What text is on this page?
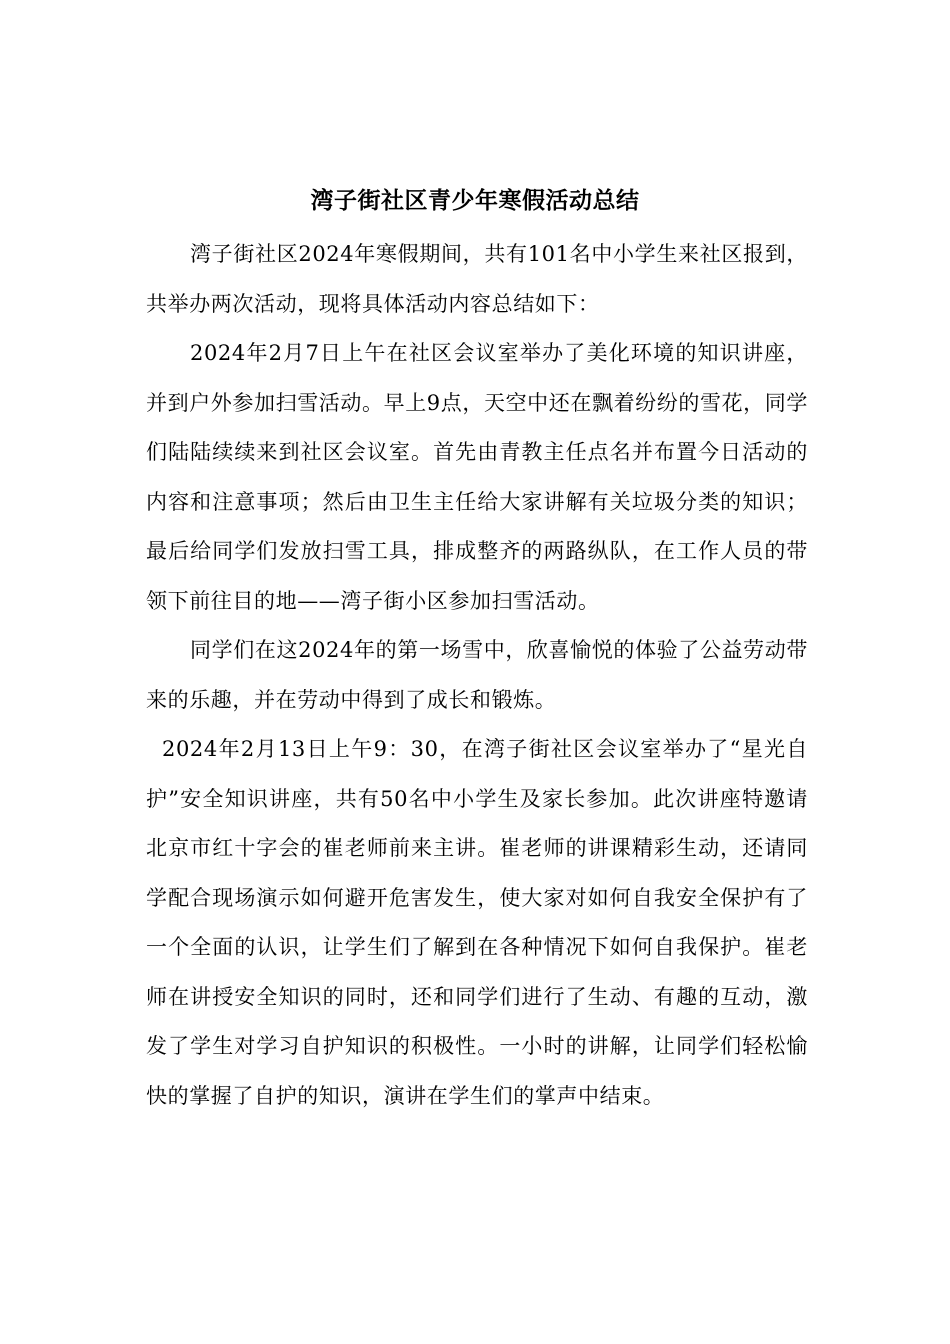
湾子街社区青少年寒假活动总结

湾子街社区2024年寒假期间，共有101名中小学生来社区报到，共举办两次活动，现将具体活动内容总结如下：

2024年2月7日上午在社区会议室举办了美化环境的知识讲座，并到户外参加扫雪活动。早上9点，天空中还在飘着纷纷的雪花，同学们陆陆续续来到社区会议室。首先由青教主任点名并布置今日活动的内容和注意事项；然后由卫生主任给大家讲解有关垃圾分类的知识；最后给同学们发放扫雪工具，排成整齐的两路纵队，在工作人员的带领下前往目的地——湾子街小区参加扫雪活动。

同学们在这2024年的第一场雪中，欣喜愉悦的体验了公益劳动带来的乐趣，并在劳动中得到了成长和锻炼。

2024年2月13日上午9：30，在湾子街社区会议室举办了“星光自护”安全知识讲座，共有50名中小学生及家长参加。此次讲座特邀请北京市红十字会的崔老师前来主讲。崔老师的讲课精彩生动，还请同学配合现场演示如何避开危害发生，使大家对如何自我安全保护有了一个全面的认识，让学生们了解到在各种情况下如何自我保护。崔老师在讲授安全知识的同时，还和同学们进行了生动、有趣的互动，激发了学生对学习自护知识的积极性。一小时的讲解，让同学们轻松愉快的掌握了自护的知识，演讲在学生们的掌声中结束。
